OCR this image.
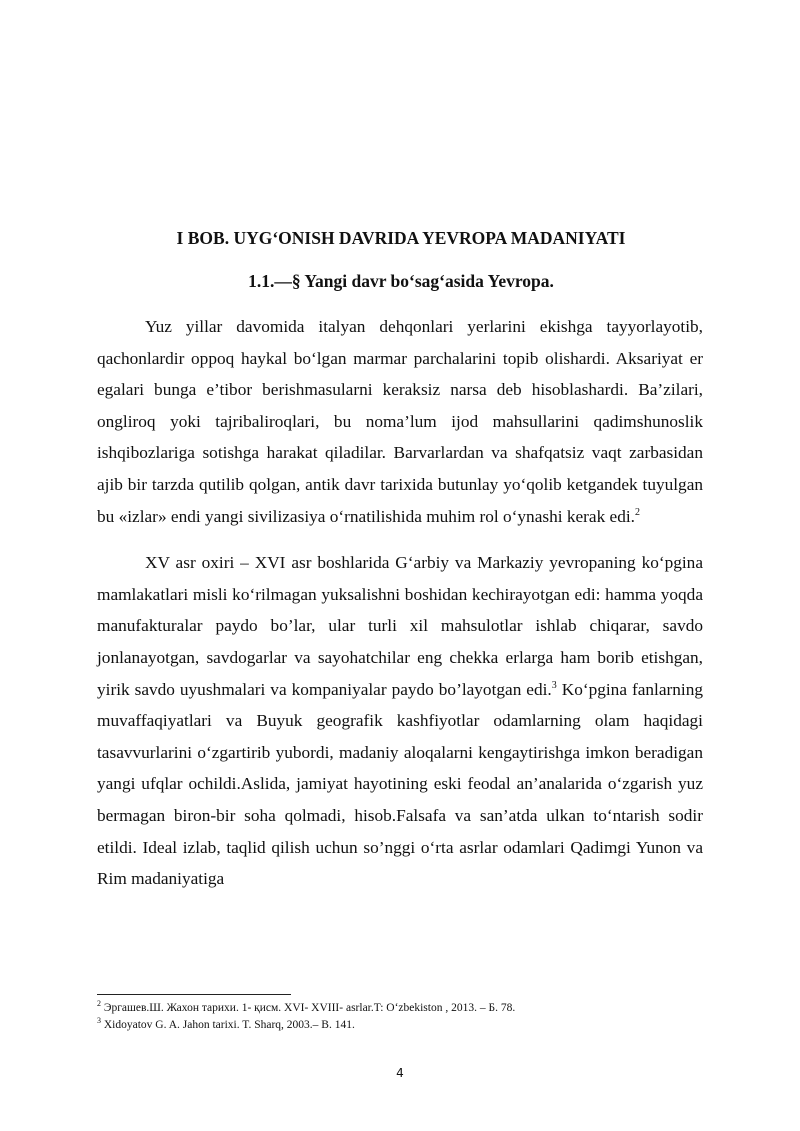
I BOB. UYG‘ONISH DAVRIDA YEVROPA MADANIYATI
1.1.—§ Yangi davr bo‘sag‘asida Yevropa.

Yuz yillar davomida italyan dehqonlari yerlarini ekishga tayyorlayotib, qachonlardir oppoq haykal bo‘lgan marmar parchalarini topib olishardi. Aksariyat er egalari bunga e’tibor berishmasularni keraksiz narsa deb hisoblashardi. Ba’zilari, ongliroq yoki tajribaliroqlari, bu noma’lum ijod mahsullarini qadimshunoslik ishqibozlariga sotishga harakat qiladilar. Barvarlardan va shafqatsiz vaqt zarbasidan ajib bir tarzda qutilib qolgan, antik davr tarixida butunlay yo‘qolib ketgandek tuyulgan bu «izlar» endi yangi sivilizasiya o‘rnatilishida muhim rol o‘ynashi kerak edi.$^2$

XV asr oxiri – XVI asr boshlarida G‘arbiy va Markaziy yevropaning ko‘pgina mamlakatlari misli ko‘rilmagan yuksalishni boshidan kechirayotgan edi: hamma yoqda manufakturalar paydo bo’lar, ular turli xil mahsulotlar ishlab chiqarar, savdo jonlanayotgan, savdogarlar va sayohatchilar eng chekka erlarga ham borib etishgan, yirik savdo uyushmalari va kompaniyalar paydo bo’layotgan edi.$^3$ Ko‘pgina fanlarning muvaffaqiyatlari va Buyuk geografik kashfiyotlar odamlarning olam haqidagi tasavvurlarini o‘zgartirib yubordi, madaniy aloqalarni kengaytirishga imkon beradigan yangi ufqlar ochildi.Aslida, jamiyat hayotining eski feodal an’analarida o‘zgarish yuz bermagan biron-bir soha qolmadi, hisob.Falsafa va san’atda ulkan to‘ntarish sodir etildi. Ideal izlab, taqlid qilish uchun so’nggi o‘rta asrlar odamlari Qadimgi Yunon va Rim madaniyatiga

$^2$ Эргашев.Ш. Жахон тарихи. 1- қисм. XVI- XVIII- asrlar.T: O‘zbekiston , 2013. – Б. 78.

$^3$ Xidoyatov G. A. Jahon tarixi. T. Sharq, 2003.– В. 141.

4
